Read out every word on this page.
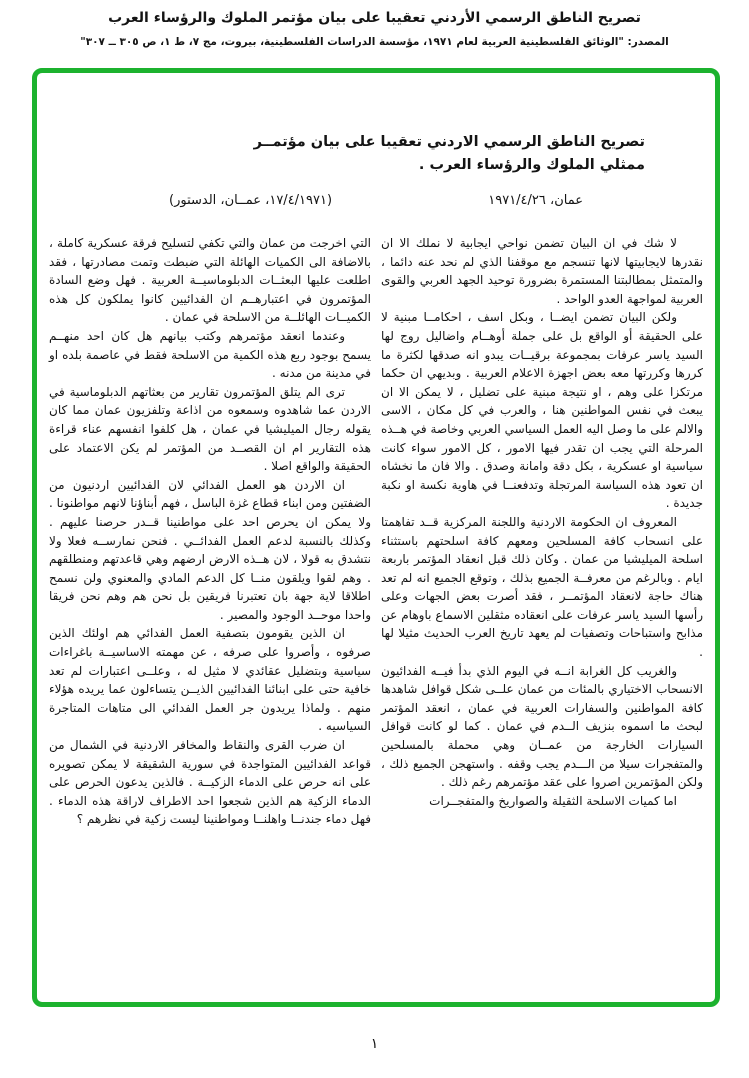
تصريح الناطق الرسمي الأردني تعقيبا على بيان مؤتمر الملوك والرؤساء العرب
المصدر: "الوثائق الفلسطينية العربية لعام ١٩٧١، مؤسسة الدراسات الفلسطينية، بيروت، مج ٧، ط ١، ص ٣٠٥ ــ ٣٠٧"
تصريح الناطق الرسمي الاردني تعقيبا على بيان مؤتمــر
ممثلي الملوك والرؤساء العرب .
عمان، ١٩٧١/٤/٢٦
(١٧/٤/١٩٧١، عمــان، الدستور)

لا شك في ان البيان تضمن نواحي ايجابية لا نملك الا ان نقدرها لايجابيتها لانها تنسجم مع موقفنا الذي لم نحد عنه دائما ، والمتمثل بمطالبتنا المستمرة بضرورة توحيد الجهد العربي والقوى العربية لمواجهة العدو الواحد .

ولكن البيان تضمن ايضــا ، وبكل اسف ، احكامــا مبنية لا على الحقيقة أو الواقع بل على جملة أوهــام واضاليل روج لها السيد ياسر عرفات بمجموعة برقيــات يبدو انه صدقها لكثرة ما كررها وكررتها معه بعض اجهزة الاعلام العربية . وبديهي ان حكما مرتكزا على وهم ، او نتيجة مبنية على تضليل ، لا يمكن الا ان يبعث في نفس المواطنين هنا ، والعرب في كل مكان ، الاسى والالم على ما وصل اليه العمل السياسي العربي وخاصة في هــذه المرحلة التي يجب ان تقدر فيها الامور ، كل الامور سواء كانت سياسية او عسكرية ، بكل دقة وامانة وصدق . والا فان ما نخشاه ان تعود هذه السياسة المرتجلة وتدفعنــا في هاوية نكسة او نكبة جديدة .

المعروف ان الحكومة الاردنية واللجنة المركزية قــد تفاهمتا على انسحاب كافة المسلحين ومعهم كافة اسلحتهم باستثناء اسلحة الميليشيا من عمان . وكان ذلك قبل انعقاد المؤتمر باربعة ايام . وبالرغم من معرفــة الجميع بذلك ، وتوقع الجميع انه لم تعد هناك حاجة لانعقاد المؤتمــر ، فقد أصرت بعض الجهات وعلى رأسها السيد ياسر عرفات على انعقاده مثقلين الاسماع باوهام عن مذابح واستباحات وتصفيات لم يعهد تاريخ العرب الحديث مثيلا لها .

والغريب كل الغرابة انــه في اليوم الذي بدأ فيــه الفدائيون الانسحاب الاختياري بالمئات من عمان علــى شكل قوافل شاهدها كافة المواطنين والسفارات العربية في عمان ، انعقد المؤتمر لبحث ما اسموه بنزيف الــدم في عمان . كما لو كانت قوافل السيارات الخارجة من عمــان وهي محملة بالمسلحين والمتفجرات سيلا من الـــدم يجب وقفه . واستهجن الجميع ذلك ، ولكن المؤتمرين اصروا على عقد مؤتمرهم رغم ذلك .

اما كميات الاسلحة الثقيلة والصواريخ والمتفجــرات

التي اخرجت من عمان والتي تكفي لتسليح فرقة عسكرية كاملة ، بالاضافة الى الكميات الهائلة التي ضبطت وتمت مصادرتها ، فقد اطلعت عليها البعثــات الدبلوماسيــة العربية . فهل وضع السادة المؤتمرون في اعتبارهــم ان الفدائيين كانوا يملكون كل هذه الكميــات الهائلــة من الاسلحة في عمان .

وعندما انعقد مؤتمرهم وكتب بيانهم هل كان احد منهــم يسمح بوجود ربع هذه الكمية من الاسلحة فقط في عاصمة بلده او في مدينة من مدنه .

ترى الم يتلق المؤتمرون تقارير من بعثاتهم الدبلوماسية في الاردن عما شاهدوه وسمعوه من اذاعة وتلفزيون عمان مما كان يقوله رجال الميليشيا في عمان ، هل كلفوا انفسهم عناء قراءة هذه التقارير ام ان القصــد من المؤتمر لم يكن الاعتماد على الحقيقة والواقع اصلا .

ان الاردن هو العمل الفدائي لان الفدائيين اردنيون من الضفتين ومن ابناء قطاع غزة الباسل ، فهم أبناؤنا لانهم مواطنونا . ولا يمكن ان يحرص احد على مواطنينا قــدر حرصنا عليهم . وكذلك بالنسبة لدعم العمل الفدائــي . فنحن نمارســه فعلا ولا نتشدق به قولا ، لان هــذه الارض ارضهم وهي قاعدتهم ومنطلقهم . وهم لقوا ويلقون منــا كل الدعم المادي والمعنوي ولن نسمح اطلاقا لاية جهة بان تعتبرنا فريقين بل نحن هم وهم نحن فريقا واحدا موحــد الوجود والمصير .

ان الذين يقومون بتصفية العمل الفدائي هم اولئك الذين صرفوه ، وأصروا على صرفه ، عن مهمته الاساسيــة باغراءات سياسية وبتضليل عقائدي لا مثيل له ، وعلــى اعتبارات لم تعد خافية حتى على ابنائنا الفدائيين الذيــن يتساءلون عما يريده هؤلاء منهم . ولماذا يريدون جر العمل الفدائي الى متاهات المتاجرة السياسيه .

ان ضرب القرى والنقاط والمخافر الاردنية في الشمال من قواعد الفدائيين المتواجدة في سورية الشقيقة لا يمكن تصويره على انه حرص على الدماء الزكيــة . فالذين يدعون الحرص على الدماء الزكية هم الذين شجعوا احد الاطراف لاراقة هذه الدماء . فهل دماء جندنــا واهلنــا ومواطنينا ليست زكية في نظرهم ؟

١
